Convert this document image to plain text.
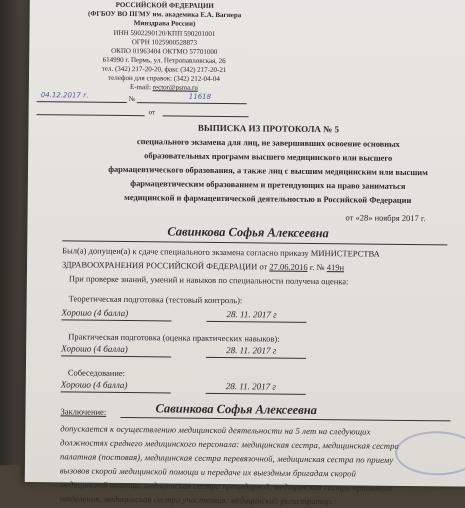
РОССИЙСКОЙ ФЕДЕРАЦИИ
(ФГБОУ ВО ПГМУ им. академика Е.А. Вагнера
Минздрава России)
ИНН 5902290120/КПП 590201001
ОГРН 1025900528873
ОКПО 01963404 ОКТМО 57701000
614990 г. Пермь, ул. Петропавловская, 26
тел. (342) 217-20-20, факс (342) 217-20-21
телефон для справок: (342) 212-04-04
E-mail: rector@psma.ru
04.12.2017 г.	№	11618
от
ВЫПИСКА ИЗ ПРОТОКОЛА № 5
специального экзамена для лиц, не завершивших освоение основных
образовательных программ высшего медицинского или высшего
фармацевтического образования, а также лиц с высшим медицинским или высшим
фармацевтическим образованием и претендующих на право заниматься
медицинской и фармацевтической деятельностью в Российской Федерации
от «28» ноября 2017 г.
Савинкова Софья Алексеевна
Был(а) допущен(а) к сдаче специального экзамена согласно приказу МИНИСТЕРСТВА
ЗДРАВООХРАНЕНИЯ РОССИЙСКОЙ ФЕДЕРАЦИИ от 27.06.2016 г. № 419н
При проверке знаний, умений и навыков по специальности получена оценка:
Теоретическая подготовка (тестовый контроль):
Хорошо (4 балла)	28. 11. 2017 г
Практическая подготовка (оценка практических навыков):
Хорошо (4 балла)	28. 11. 2017 г
Собеседование:
Хорошо (4 балла)	28. 11. 2017 г
Заключение:	Савинкова Софья Алексеевна
допускается к осуществлению медицинской деятельности на 5 лет на следующих
должностях среднего медицинского персонала: медицинская сестра, медицинская сестра
палатная (постовая), медицинская сестра перевязочной, медицинская сестра по приему
вызовов скорой медицинской помощи и передаче их выездным бригадам скорой
медицинской помощи, медицинская сестра процедурной, медицинская сестра приемного
отделения, медицинская сестра участковая, медицинский регистратор.
